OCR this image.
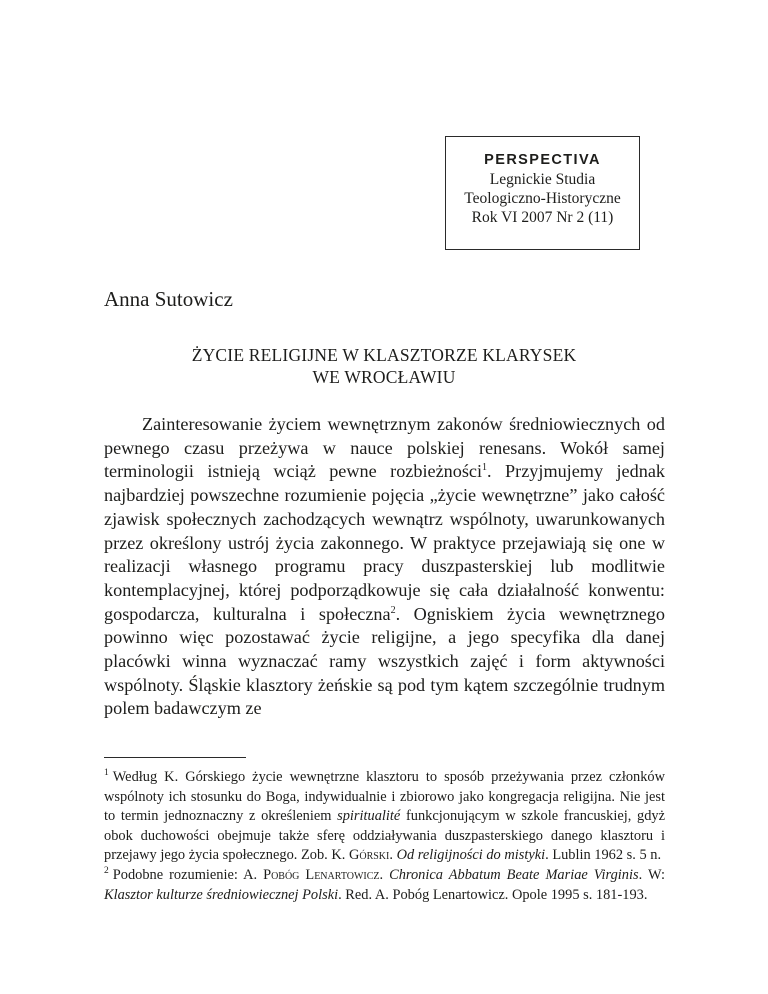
PERSPECTIVA
Legnickie Studia
Teologiczno-Historyczne
Rok VI 2007 Nr 2 (11)
Anna Sutowicz
ŻYCIE RELIGIJNE W KLASZTORZE KLARYSEK
WE WROCŁAWIU

Zainteresowanie życiem wewnętrznym zakonów średniowiecznych od pewnego czasu przeżywa w nauce polskiej renesans. Wokół samej terminologii istnieją wciąż pewne rozbieżności$^1$. Przyjmujemy jednak najbardziej powszechne rozumienie pojęcia „życie wewnętrzne” jako całość zjawisk społecznych zachodzących wewnątrz wspólnoty, uwarunkowanych przez określony ustrój życia zakonnego. W praktyce przejawiają się one w realizacji własnego programu pracy duszpasterskiej lub modlitwie kontemplacyjnej, której podporządkowuje się cała działalność konwentu: gospodarcza, kulturalna i społeczna$^2$. Ogniskiem życia wewnętrznego powinno więc pozostawać życie religijne, a jego specyfika dla danej placówki winna wyznaczać ramy wszystkich zajęć i form aktywności wspólnoty. Śląskie klasztory żeńskie są pod tym kątem szczególnie trudnym polem badawczym ze

$^1$ Według K. Górskiego życie wewnętrzne klasztoru to sposób przeżywania przez członków wspólnoty ich stosunku do Boga, indywidualnie i zbiorowo jako kongregacja religijna. Nie jest to termin jednoznaczny z określeniem spiritualité funkcjonującym w szkole francuskiej, gdyż obok duchowości obejmuje także sferę oddziaływania duszpasterskiego danego klasztoru i przejawy jego życia społecznego. Zob. K. Górski. Od religijności do mistyki. Lublin 1962 s. 5 n.

$^2$ Podobne rozumienie: A. Pobóg Lenartowicz. Chronica Abbatum Beate Mariae Virginis. W: Klasztor kulturze średniowiecznej Polski. Red. A. Pobóg Lenartowicz. Opole 1995 s. 181-193.
